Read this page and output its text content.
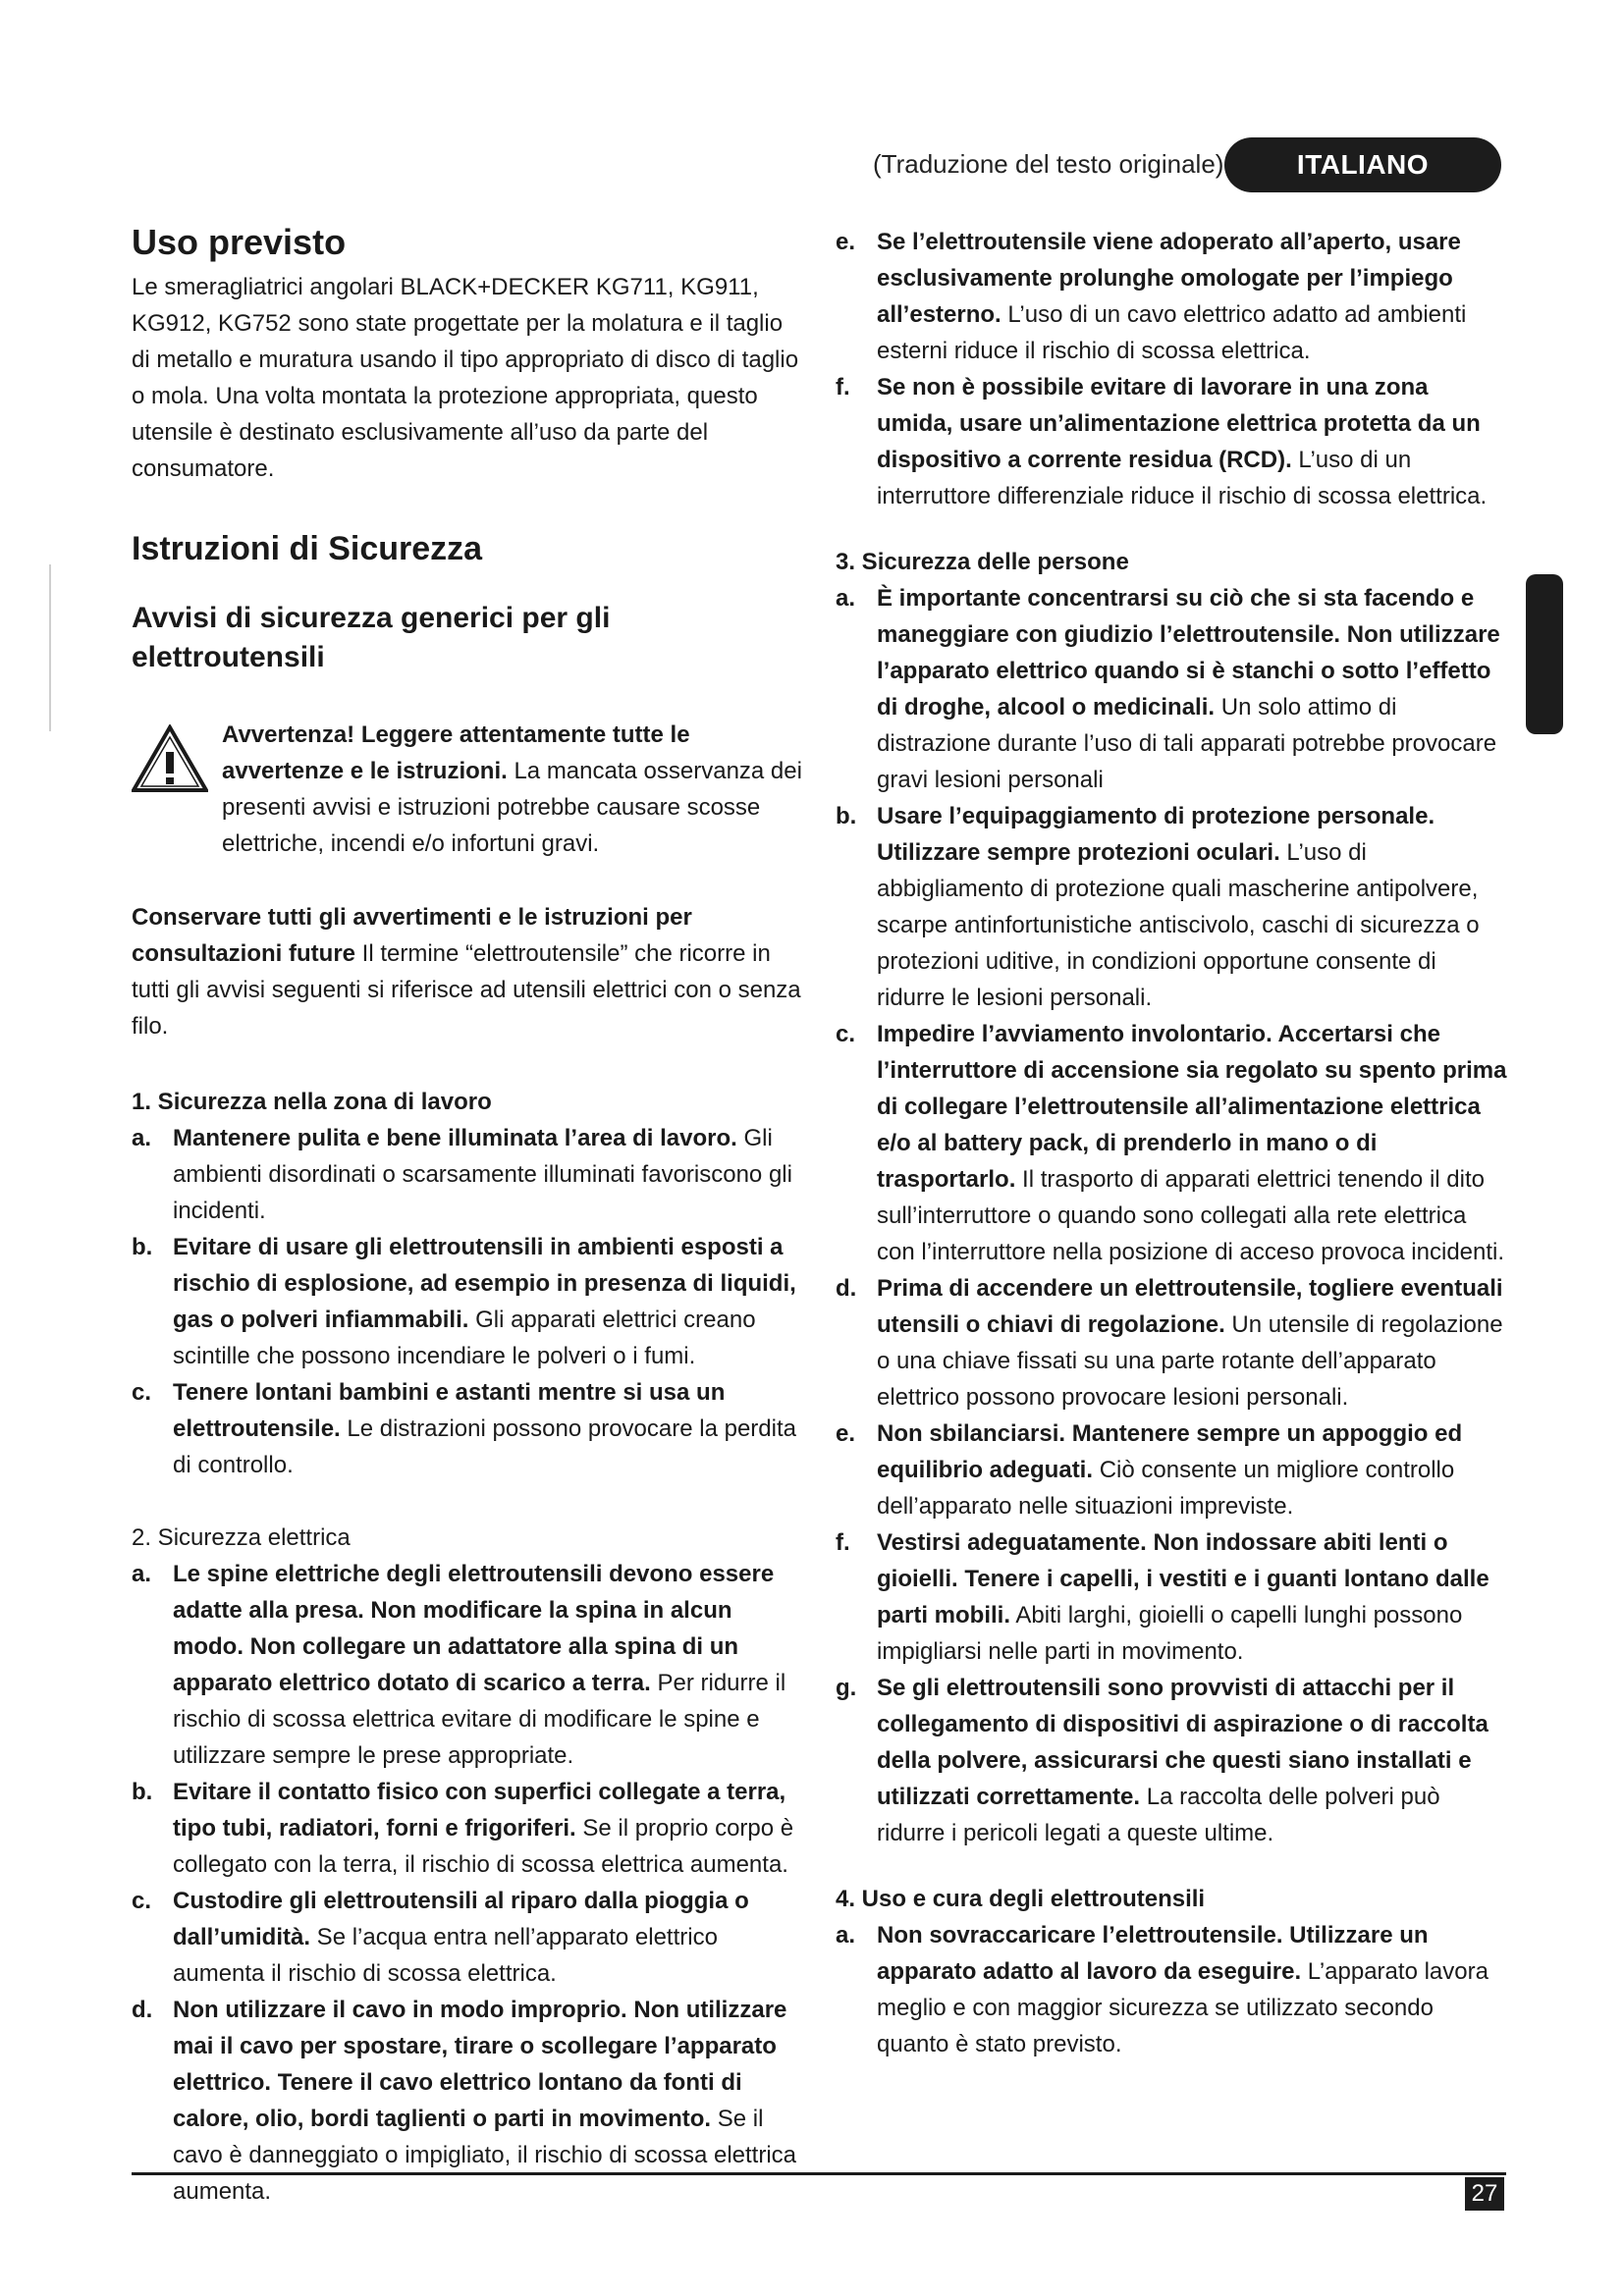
(Traduzione del testo originale)	ITALIANO
Uso previsto

Le smeragliatrici angolari BLACK+DECKER KG711, KG911, KG912, KG752 sono state progettate per la molatura e il taglio di metallo e muratura usando il tipo appropriato di disco di taglio o mola. Una volta montata la protezione appropriata, questo utensile è destinato esclusivamente all’uso da parte del consumatore.

Istruzioni di Sicurezza
Avvisi di sicurezza generici per gli elettroutensili

Avvertenza! Leggere attentamente tutte le avvertenze e le istruzioni. La mancata osservanza dei presenti avvisi e istruzioni potrebbe causare scosse elettriche, incendi e/o infortuni gravi.

Conservare tutti gli avvertimenti e le istruzioni per consultazioni future Il termine “elettroutensile” che ricorre in tutti gli avvisi seguenti si riferisce ad utensili elettrici con o senza filo.

1. Sicurezza nella zona di lavoro

a. Mantenere pulita e bene illuminata l’area di lavoro. Gli ambienti disordinati o scarsamente illuminati favoriscono gli incidenti.
b. Evitare di usare gli elettroutensili in ambienti esposti a rischio di esplosione, ad esempio in presenza di liquidi, gas o polveri infiammabili. Gli apparati elettrici creano scintille che possono incendiare le polveri o i fumi.
c. Tenere lontani bambini e astanti mentre si usa un elettroutensile. Le distrazioni possono provocare la perdita di controllo.

2. Sicurezza elettrica

a. Le spine elettriche degli elettroutensili devono essere adatte alla presa. Non modificare la spina in alcun modo. Non collegare un adattatore alla spina di un apparato elettrico dotato di scarico a terra. Per ridurre il rischio di scossa elettrica evitare di modificare le spine e utilizzare sempre le prese appropriate.
b. Evitare il contatto fisico con superfici collegate a terra, tipo tubi, radiatori, forni e frigoriferi. Se il proprio corpo è collegato con la terra, il rischio di scossa elettrica aumenta.
c. Custodire gli elettroutensili al riparo dalla pioggia o dall’umidità. Se l’acqua entra nell’apparato elettrico aumenta il rischio di scossa elettrica.
d. Non utilizzare il cavo in modo improprio. Non utilizzare mai il cavo per spostare, tirare o scollegare l’apparato elettrico. Tenere il cavo elettrico lontano da fonti di calore, olio, bordi taglienti o parti in movimento. Se il cavo è danneggiato o impigliato, il rischio di scossa elettrica aumenta.
e. Se l’elettroutensile viene adoperato all’aperto, usare esclusivamente prolunghe omologate per l’impiego all’esterno. L’uso di un cavo elettrico adatto ad ambienti esterni riduce il rischio di scossa elettrica.
f. Se non è possibile evitare di lavorare in una zona umida, usare un’alimentazione elettrica protetta da un dispositivo a corrente residua (RCD). L’uso di un interruttore differenziale riduce il rischio di scossa elettrica.

3. Sicurezza delle persone

a. È importante concentrarsi su ciò che si sta facendo e maneggiare con giudizio l’elettroutensile. Non utilizzare l’apparato elettrico quando si è stanchi o sotto l’effetto di droghe, alcool o medicinali. Un solo attimo di distrazione durante l’uso di tali apparati potrebbe provocare gravi lesioni personali
b. Usare l’equipaggiamento di protezione personale. Utilizzare sempre protezioni oculari. L’uso di abbigliamento di protezione quali mascherine antipolvere, scarpe antinfortunistiche antiscivolo, caschi di sicurezza o protezioni uditive, in condizioni opportune consente di ridurre le lesioni personali.
c. Impedire l’avviamento involontario. Accertarsi che l’interruttore di accensione sia regolato su spento prima di collegare l’elettroutensile all’alimentazione elettrica e/o al battery pack, di prenderlo in mano o di trasportarlo. Il trasporto di apparati elettrici tenendo il dito sull’interruttore o quando sono collegati alla rete elettrica con l’interruttore nella posizione di acceso provoca incidenti.
d. Prima di accendere un elettroutensile, togliere eventuali utensili o chiavi di regolazione. Un utensile di regolazione o una chiave fissati su una parte rotante dell’apparato elettrico possono provocare lesioni personali.
e. Non sbilanciarsi. Mantenere sempre un appoggio ed equilibrio adeguati. Ciò consente un migliore controllo dell’apparato nelle situazioni impreviste.
f. Vestirsi adeguatamente. Non indossare abiti lenti o gioielli. Tenere i capelli, i vestiti e i guanti lontano dalle parti mobili. Abiti larghi, gioielli o capelli lunghi possono impigliarsi nelle parti in movimento.
g. Se gli elettroutensili sono provvisti di attacchi per il collegamento di dispositivi di aspirazione o di raccolta della polvere, assicurarsi che questi siano installati e utilizzati correttamente. La raccolta delle polveri può ridurre i pericoli legati a queste ultime.

4. Uso e cura degli elettroutensili

a. Non sovraccaricare l’elettroutensile. Utilizzare un apparato adatto al lavoro da eseguire. L’apparato lavora meglio e con maggior sicurezza se utilizzato secondo quanto è stato previsto.
27
